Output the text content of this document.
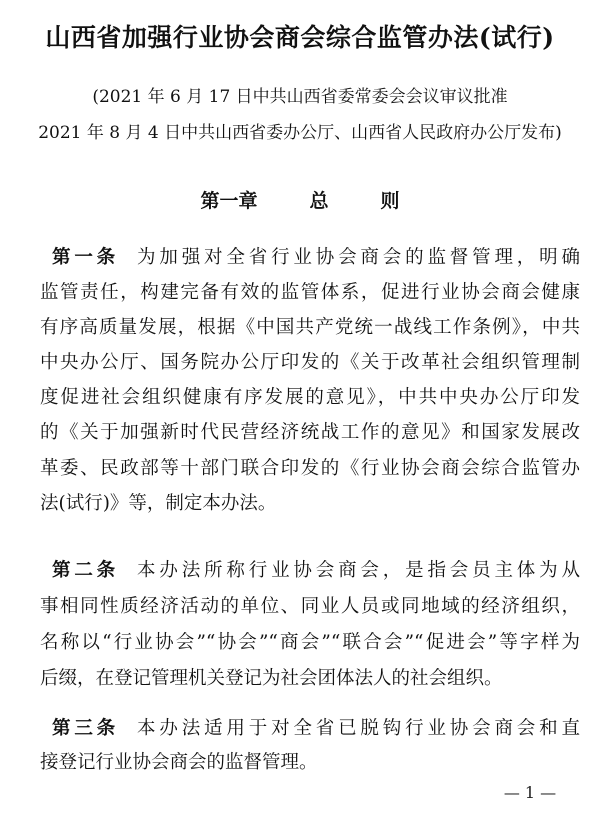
山西省加强行业协会商会综合监管办法(试行)
(2021 年 6 月 17 日中共山西省委常委会会议审议批准
2021 年 8 月 4 日中共山西省委办公厅、山西省人民政府办公厅发布)
第一章	总	则
第一条 为加强对全省行业协会商会的监督管理，明确
监管责任，构建完备有效的监管体系，促进行业协会商会健康
有序高质量发展，根据《中国共产党统一战线工作条例》，中共
中央办公厅、国务院办公厅印发的《关于改革社会组织管理制
度促进社会组织健康有序发展的意见》，中共中央办公厅印发
的《关于加强新时代民营经济统战工作的意见》和国家发展改
革委、民政部等十部门联合印发的《行业协会商会综合监管办
法(试行)》等，制定本办法。
第二条 本办法所称行业协会商会，是指会员主体为从
事相同性质经济活动的单位、同业人员或同地域的经济组织，
名称以“行业协会”“协会”“商会”“联合会”“促进会”等字样为
后缀，在登记管理机关登记为社会团体法人的社会组织。
第三条 本办法适用于对全省已脱钩行业协会商会和直
接登记行业协会商会的监督管理。
— 1 —
